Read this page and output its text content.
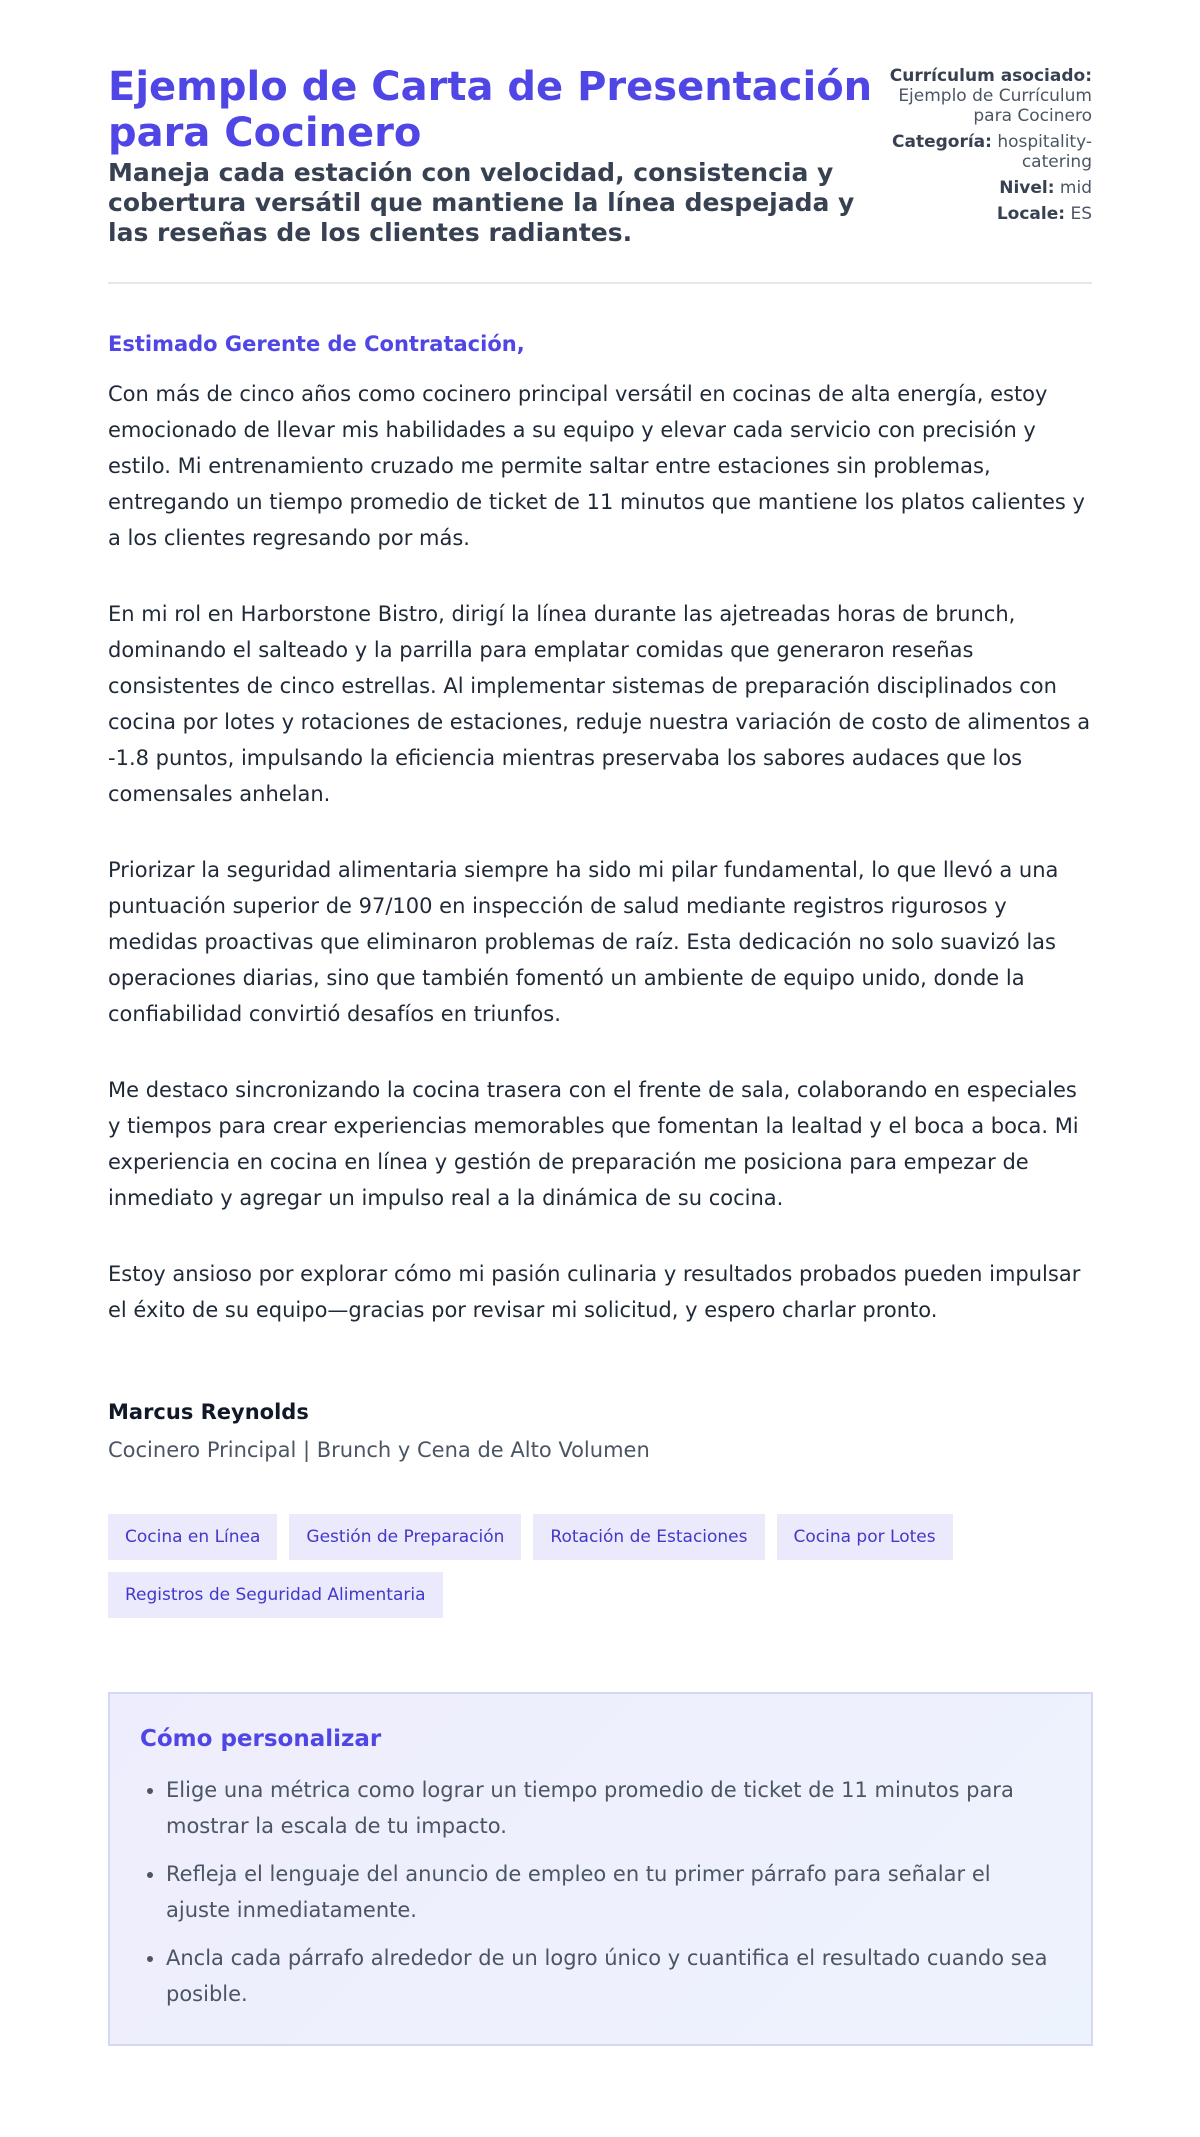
Ejemplo de Carta de Presentación para Cocinero
Maneja cada estación con velocidad, consistencia y cobertura versátil que mantiene la línea despejada y las reseñas de los clientes radiantes.
Currículum asociado: Ejemplo de Currículum para Cocinero
Categoría: hospitality-catering
Nivel: mid
Locale: ES

Estimado Gerente de Contratación,

Con más de cinco años como cocinero principal versátil en cocinas de alta energía, estoy emocionado de llevar mis habilidades a su equipo y elevar cada servicio con precisión y estilo. Mi entrenamiento cruzado me permite saltar entre estaciones sin problemas, entregando un tiempo promedio de ticket de 11 minutos que mantiene los platos calientes y a los clientes regresando por más.

En mi rol en Harborstone Bistro, dirigí la línea durante las ajetreadas horas de brunch, dominando el salteado y la parrilla para emplatar comidas que generaron reseñas consistentes de cinco estrellas. Al implementar sistemas de preparación disciplinados con cocina por lotes y rotaciones de estaciones, reduje nuestra variación de costo de alimentos a -1.8 puntos, impulsando la eficiencia mientras preservaba los sabores audaces que los comensales anhelan.

Priorizar la seguridad alimentaria siempre ha sido mi pilar fundamental, lo que llevó a una puntuación superior de 97/100 en inspección de salud mediante registros rigurosos y medidas proactivas que eliminaron problemas de raíz. Esta dedicación no solo suavizó las operaciones diarias, sino que también fomentó un ambiente de equipo unido, donde la confiabilidad convirtió desafíos en triunfos.

Me destaco sincronizando la cocina trasera con el frente de sala, colaborando en especiales y tiempos para crear experiencias memorables que fomentan la lealtad y el boca a boca. Mi experiencia en cocina en línea y gestión de preparación me posiciona para empezar de inmediato y agregar un impulso real a la dinámica de su cocina.

Estoy ansioso por explorar cómo mi pasión culinaria y resultados probados pueden impulsar el éxito de su equipo—gracias por revisar mi solicitud, y espero charlar pronto.

Marcus Reynolds
Cocinero Principal | Brunch y Cena de Alto Volumen
Cocina en Línea	Gestión de Preparación	Rotación de Estaciones	Cocina por Lotes
Registros de Seguridad Alimentaria
Cómo personalizar
• Elige una métrica como lograr un tiempo promedio de ticket de 11 minutos para mostrar la escala de tu impacto.
• Refleja el lenguaje del anuncio de empleo en tu primer párrafo para señalar el ajuste inmediatamente.
• Ancla cada párrafo alrededor de un logro único y cuantifica el resultado cuando sea posible.
